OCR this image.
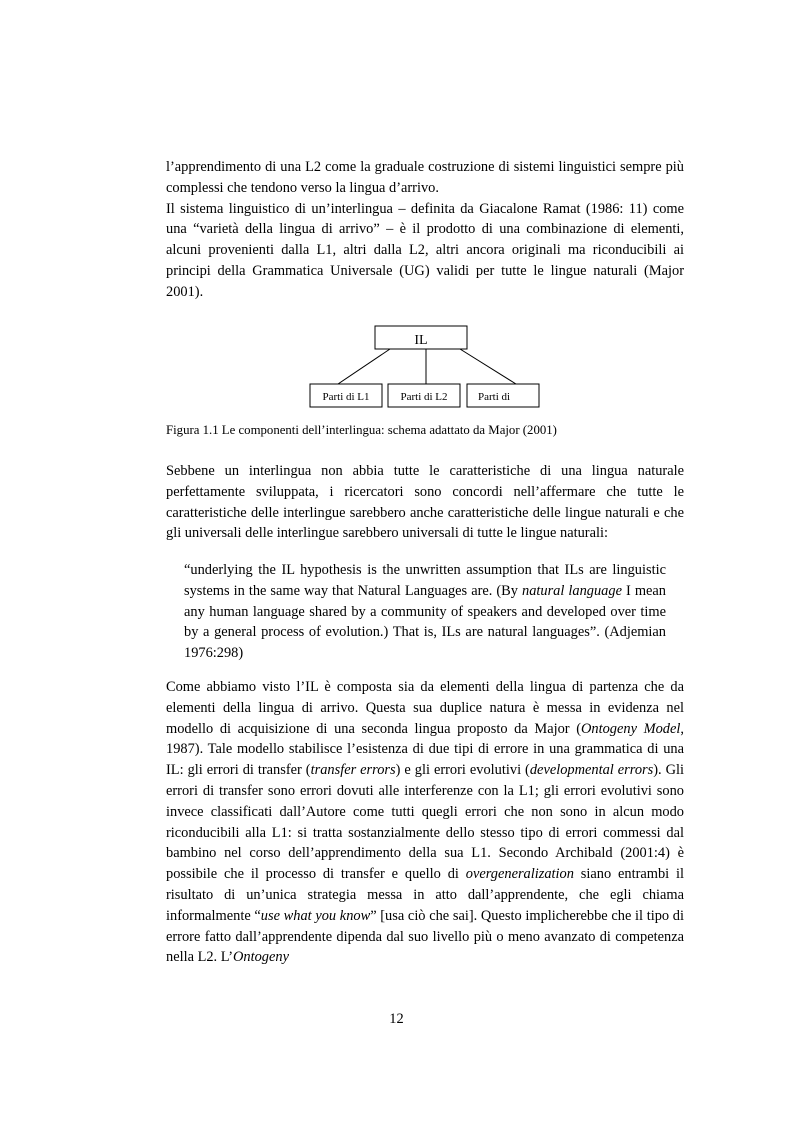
l’apprendimento di una L2 come la graduale costruzione di sistemi linguistici sempre più complessi che tendono verso la lingua d’arrivo.

Il sistema linguistico di un’interlingua – definita da Giacalone Ramat (1986: 11) come una “varietà della lingua di arrivo” – è il prodotto di una combinazione di elementi, alcuni provenienti dalla L1, altri dalla L2, altri ancora originali ma riconducibili ai principi della Grammatica Universale (UG) validi per tutte le lingue naturali (Major 2001).

IL
Parti di L1	Parti di L2	Parti di
Figura 1.1 Le componenti dell’interlingua: schema adattato da Major (2001)
Sebbene un interlingua non abbia tutte le caratteristiche di una lingua naturale perfettamente sviluppata, i ricercatori sono concordi nell’affermare che tutte le caratteristiche delle interlingue sarebbero anche caratteristiche delle lingue naturali e che gli universali delle interlingue sarebbero universali di tutte le lingue naturali:
“underlying the IL hypothesis is the unwritten assumption that ILs are linguistic systems in the same way that Natural Languages are. (By natural language I mean any human language shared by a community of speakers and developed over time by a general process of evolution.) That is, ILs are natural languages”. (Adjemian 1976:298)
Come abbiamo visto l’IL è composta sia da elementi della lingua di partenza che da elementi della lingua di arrivo. Questa sua duplice natura è messa in evidenza nel modello di acquisizione di una seconda lingua proposto da Major (Ontogeny Model, 1987). Tale modello stabilisce l’esistenza di due tipi di errore in una grammatica di una IL: gli errori di transfer (transfer errors) e gli errori evolutivi (developmental errors). Gli errori di transfer sono errori dovuti alle interferenze con la L1; gli errori evolutivi sono invece classificati dall’Autore come tutti quegli errori che non sono in alcun modo riconducibili alla L1: si tratta sostanzialmente dello stesso tipo di errori commessi dal bambino nel corso dell’apprendimento della sua L1. Secondo Archibald (2001:4) è possibile che il processo di transfer e quello di overgeneralization siano entrambi il risultato di un’unica strategia messa in atto dall’apprendente, che egli chiama informalmente “use what you know” [usa ciò che sai]. Questo implicherebbe che il tipo di errore fatto dall’apprendente dipenda dal suo livello più o meno avanzato di competenza nella L2. L’Ontogeny
12
